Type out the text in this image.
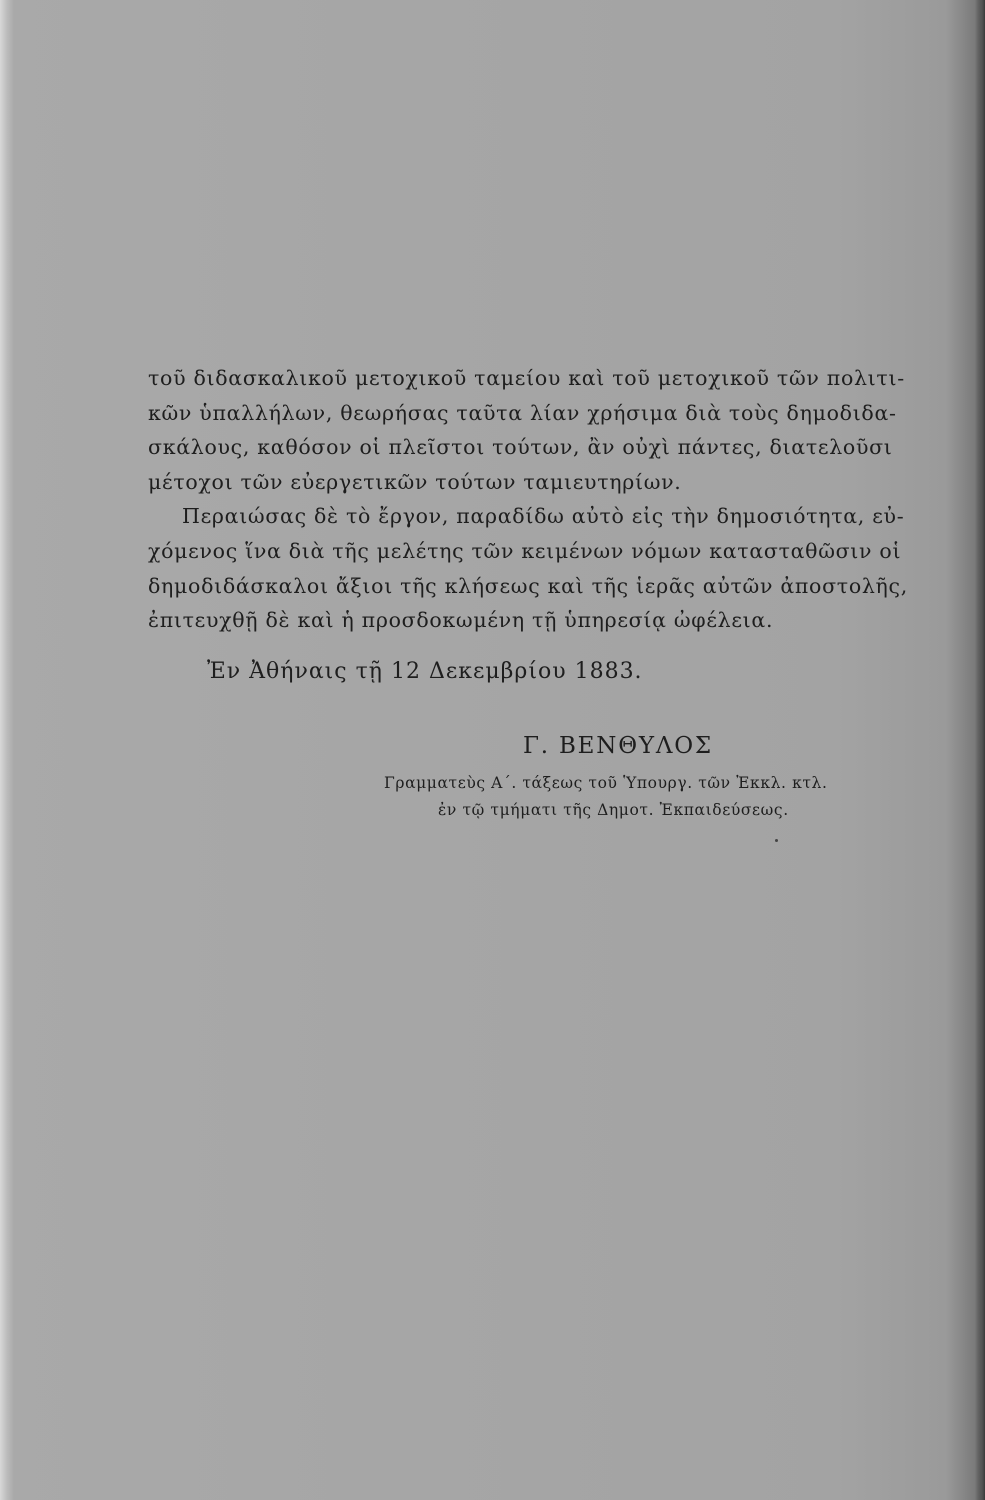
τοῦ διδασκαλικοῦ μετοχικοῦ ταμείου καὶ τοῦ μετοχικοῦ τῶν πολιτι-
κῶν ὑπαλλήλων, θεωρήσας ταῦτα λίαν χρήσιμα διὰ τοὺς δημοδιδα-
σκάλους, καθόσον οἱ πλεῖστοι τούτων, ἂν οὐχὶ πάντες, διατελοῦσι
μέτοχοι τῶν εὐεργετικῶν τούτων ταμιευτηρίων.
Περαιώσας δὲ τὸ ἔργον, παραδίδω αὐτὸ εἰς τὴν δημοσιότητα, εὐ-
χόμενος ἵνα διὰ τῆς μελέτης τῶν κειμένων νόμων κατασταθῶσιν οἱ
δημοδιδάσκαλοι ἄξιοι τῆς κλήσεως καὶ τῆς ἱερᾶς αὐτῶν ἀποστολῆς,
ἐπιτευχθῇ δὲ καὶ ἡ προσδοκωμένη τῇ ὑπηρεσίᾳ ὠφέλεια.
Ἐν Ἀθήναις τῇ 12 Δεκεμβρίου 1883.
Γ. ΒΕΝΘΥΛΟΣ
Γραμματεὺς Α΄. τάξεως τοῦ Ὑπουργ. τῶν Ἐκκλ. κτλ.
ἐν τῷ τμήματι τῆς Δημοτ. Ἐκπαιδεύσεως.
